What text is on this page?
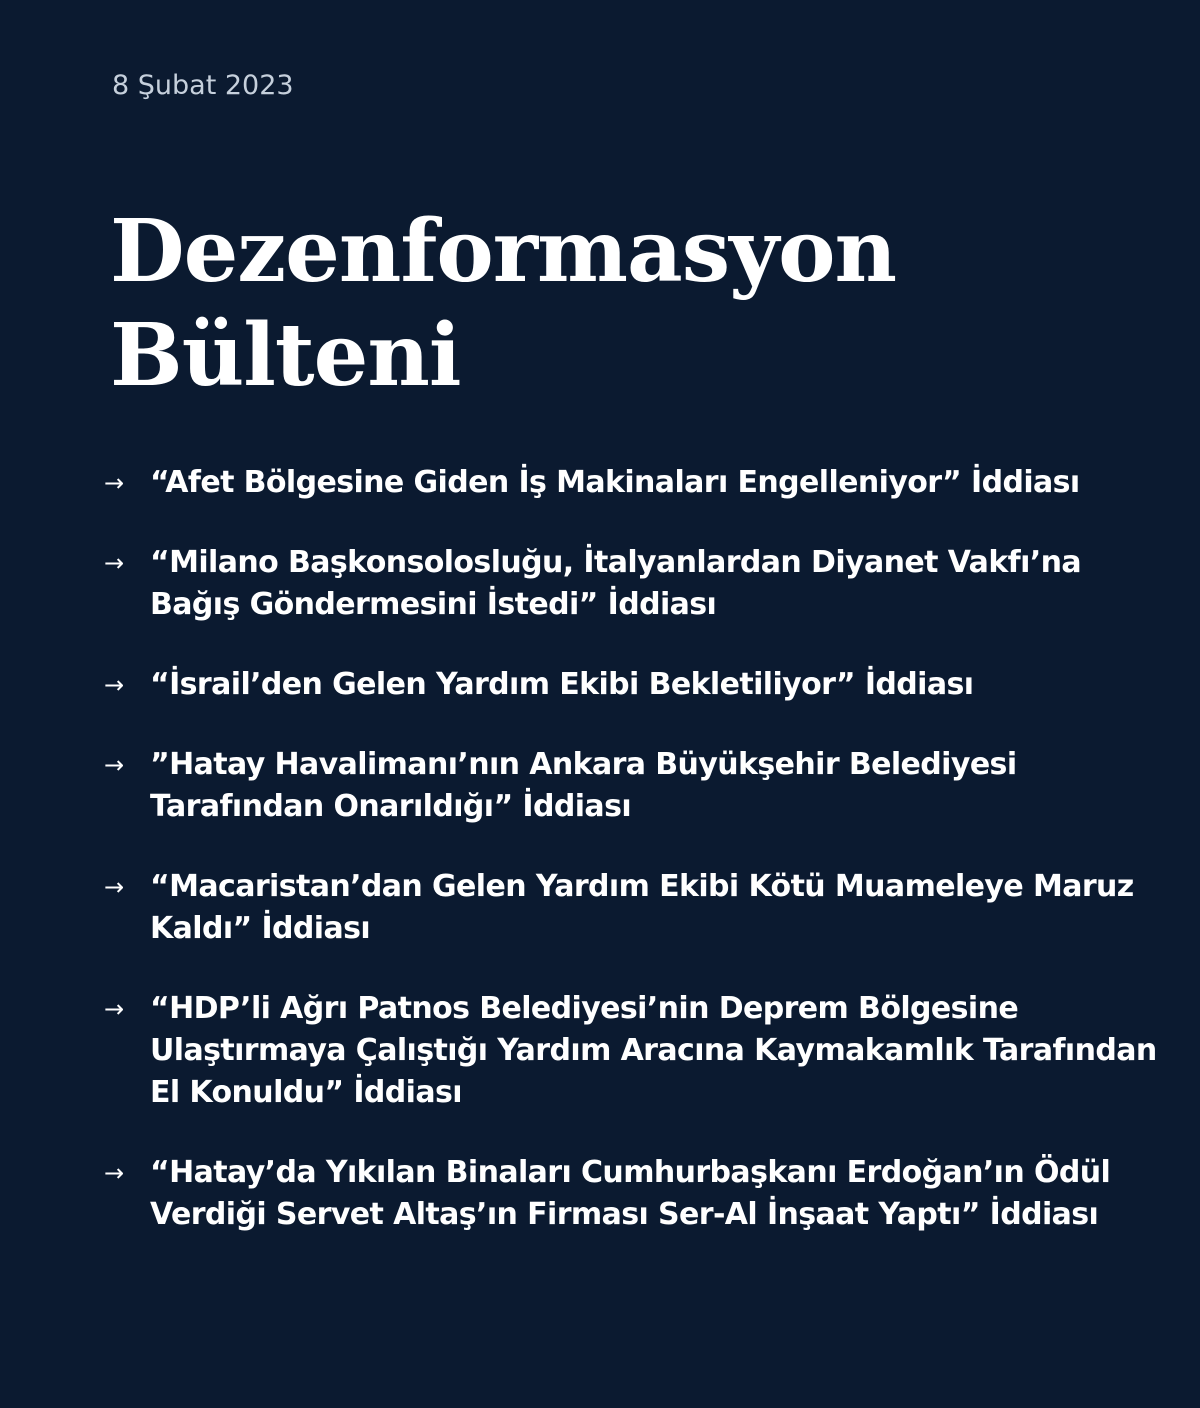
8 Şubat 2023
Dezenformasyon
Bülteni
→ “Afet Bölgesine Giden İş Makinaları Engelleniyor” İddiası
→ “Milano Başkonsolosluğu, İtalyanlardan Diyanet Vakfı’na Bağış Göndermesini İstedi” İddiası
→ “İsrail’den Gelen Yardım Ekibi Bekletiliyor” İddiası
→ ”Hatay Havalimanı’nın Ankara Büyükşehir Belediyesi Tarafından Onarıldığı” İddiası
→ “Macaristan’dan Gelen Yardım Ekibi Kötü Muameleye Maruz Kaldı” İddiası
→ “HDP’li Ağrı Patnos Belediyesi’nin Deprem Bölgesine Ulaştırmaya Çalıştığı Yardım Aracına Kaymakamlık Tarafından El Konuldu” İddiası
→ “Hatay’da Yıkılan Binaları Cumhurbaşkanı Erdoğan’ın Ödül Verdiği Servet Altaş’ın Firması Ser-Al İnşaat Yaptı” İddiası
